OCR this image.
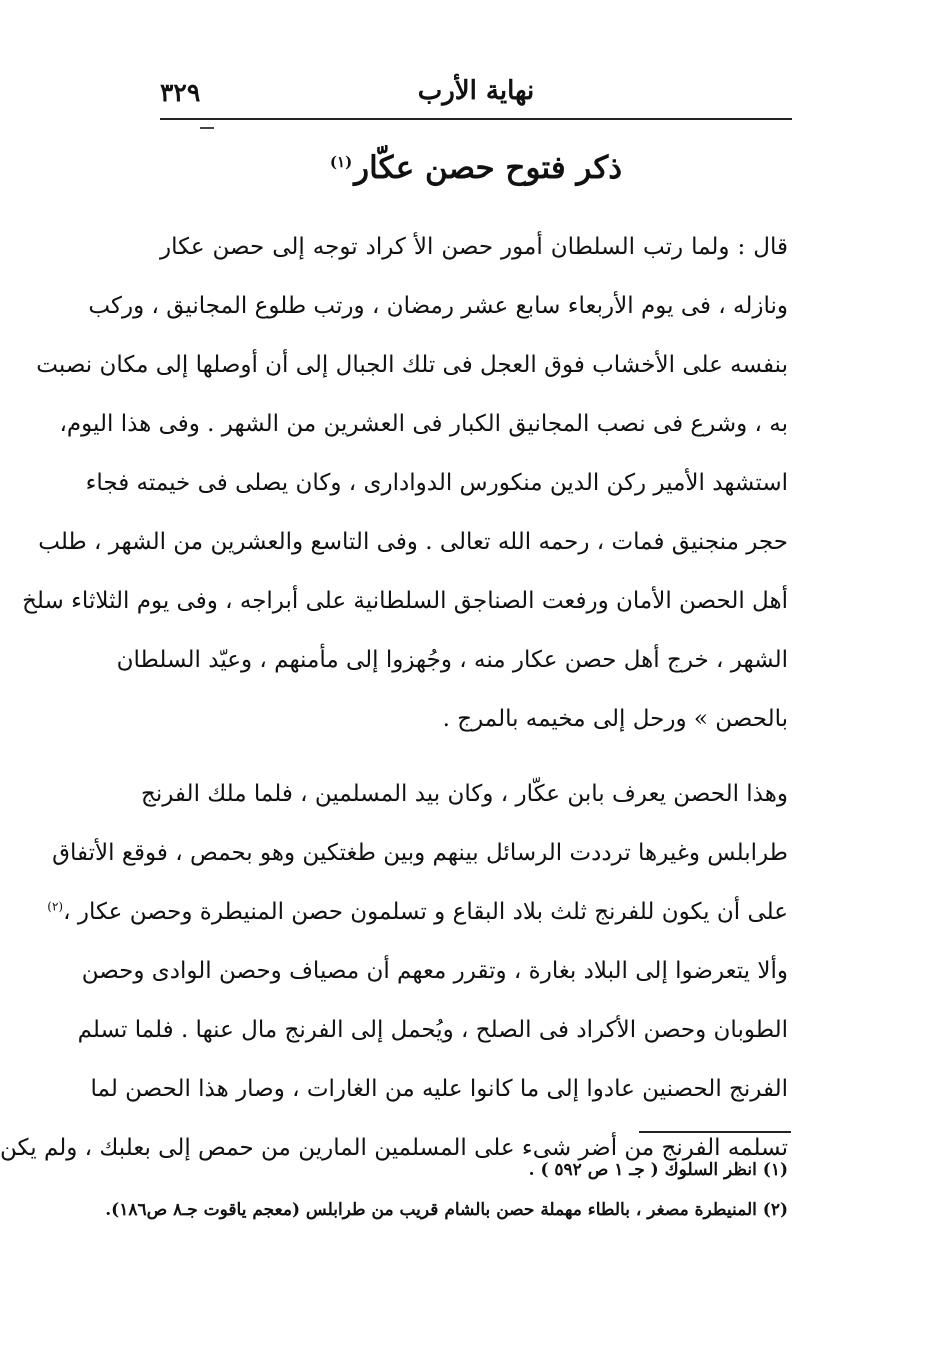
نهاية الأرب
٣٢٩
ذكر فتوح حصن عكّار$^{(١)}$
قال : ولما رتب السلطان أمور حصن الأ كراد توجه إلى حصن عكار
ونازله ، فى يوم الأربعاء سابع عشر رمضان ، ورتب طلوع المجانيق ، وركب
بنفسه على الأخشاب فوق العجل فى تلك الجبال إلى أن أوصلها إلى مكان نصبت
به ، وشرع فى نصب المجانيق الكبار فى العشرين من الشهر . وفى هذا اليوم،
استشهد الأمير ركن الدين منكورس الدوادارى ، وكان يصلى فى خيمته فجاء
حجر منجنيق فمات ، رحمه الله تعالى . وفى التاسع والعشرين من الشهر ، طلب
أهل الحصن الأمان ورفعت الصناجق السلطانية على أبراجه ، وفى يوم الثلاثاء سلخ
الشهر ، خرج أهل حصن عكار منه ، وجُهزوا إلى مأمنهم ، وعيّد السلطان
بالحصن » ورحل إلى مخيمه بالمرج .
وهذا الحصن يعرف بابن عكّار ، وكان بيد المسلمين ، فلما ملك الفرنج
طرابلس وغيرها ترددت الرسائل بينهم وبين طغتكين وهو بحمص ، فوقع الأتفاق
على أن يكون للفرنج ثلث بلاد البقاع و تسلمون حصن المنيطرة وحصن عكار ،$^{(٢)}$
وألا يتعرضوا إلى البلاد بغارة ، وتقرر معهم أن مصياف وحصن الوادى وحصن
الطوبان وحصن الأكراد فى الصلح ، ويُحمل إلى الفرنج مال عنها . فلما تسلم
الفرنج الحصنين عادوا إلى ما كانوا عليه من الغارات ، وصار هذا الحصن لما
تسلمه الفرنج من أضر شىء على المسلمين المارين من حمص إلى بعلبك ، ولم يكن
(١) انظر السلوك ( جـ ١ ص ٥٩٢ ) .
(٢) المنيطرة مصغر ، بالطاء مهملة حصن بالشام قريب من طرابلس (معجم ياقوت جـ٨ ص١٨٦).
